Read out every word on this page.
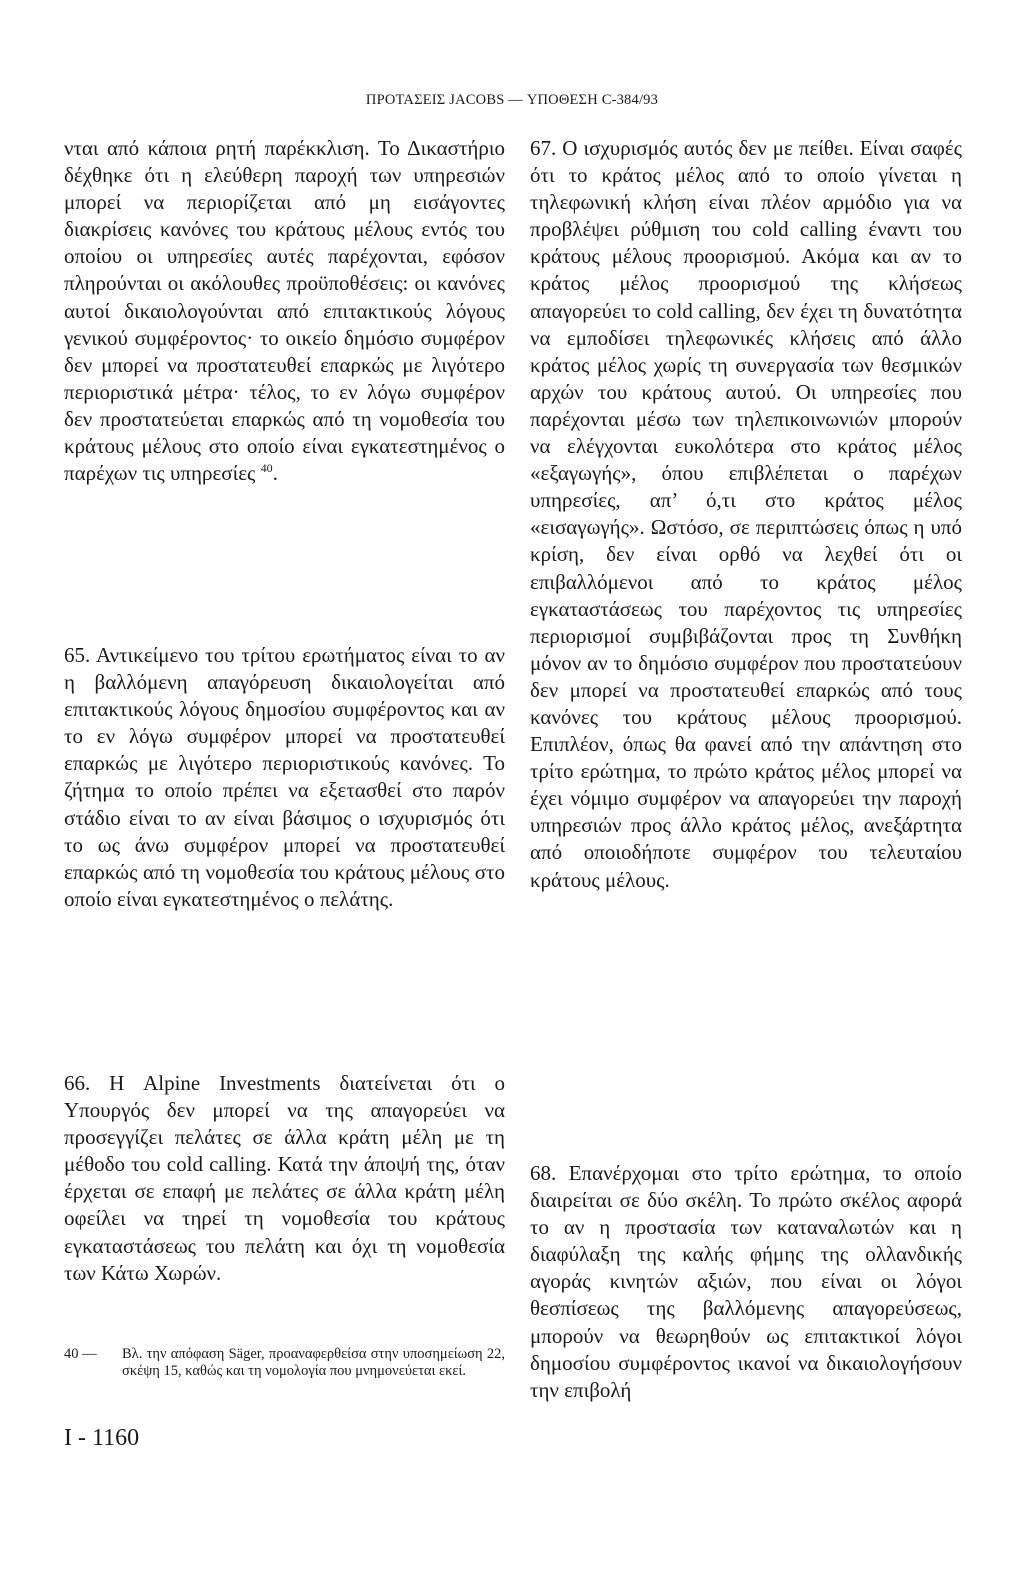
ΠΡΟΤΑΣΕΙΣ JACOBS — ΥΠΟΘΕΣΗ C-384/93

νται από κάποια ρητή παρέκκλιση. Το Δικαστήριο δέχθηκε ότι η ελεύθερη παροχή των υπηρεσιών μπορεί να περιορίζεται από μη εισάγοντες διακρίσεις κανόνες του κράτους μέλους εντός του οποίου οι υπηρεσίες αυτές παρέχονται, εφόσον πληρούνται οι ακόλουθες προϋποθέσεις: οι κανόνες αυτοί δικαιολογούνται από επιτακτικούς λόγους γενικού συμφέροντος· το οικείο δημόσιο συμφέρον δεν μπορεί να προστατευθεί επαρκώς με λιγότερο περιοριστικά μέτρα· τέλος, το εν λόγω συμφέρον δεν προστατεύεται επαρκώς από τη νομοθεσία του κράτους μέλους στο οποίο είναι εγκατεστημένος ο παρέχων τις υπηρεσίες $^{40}$.

65. Αντικείμενο του τρίτου ερωτήματος είναι το αν η βαλλόμενη απαγόρευση δικαιολογείται από επιτακτικούς λόγους δημοσίου συμφέροντος και αν το εν λόγω συμφέρον μπορεί να προστατευθεί επαρκώς με λιγότερο περιοριστικούς κανόνες. Το ζήτημα το οποίο πρέπει να εξετασθεί στο παρόν στάδιο είναι το αν είναι βάσιμος ο ισχυρισμός ότι το ως άνω συμφέρον μπορεί να προστατευθεί επαρκώς από τη νομοθεσία του κράτους μέλους στο οποίο είναι εγκατεστημένος ο πελάτης.

66. Η Alpine Investments διατείνεται ότι ο Υπουργός δεν μπορεί να της απαγορεύει να προσεγγίζει πελάτες σε άλλα κράτη μέλη με τη μέθοδο του cold calling. Κατά την άποψή της, όταν έρχεται σε επαφή με πελάτες σε άλλα κράτη μέλη οφείλει να τηρεί τη νομοθεσία του κράτους εγκαταστάσεως του πελάτη και όχι τη νομοθεσία των Κάτω Χωρών.

40 — Βλ. την απόφαση Säger, προαναφερθείσα στην υποσημείωση 22, σκέψη 15, καθώς και τη νομολογία που μνημονεύεται εκεί.

67. Ο ισχυρισμός αυτός δεν με πείθει. Είναι σαφές ότι το κράτος μέλος από το οποίο γίνεται η τηλεφωνική κλήση είναι πλέον αρμόδιο για να προβλέψει ρύθμιση του cold calling έναντι του κράτους μέλους προορισμού. Ακόμα και αν το κράτος μέλος προορισμού της κλήσεως απαγορεύει το cold calling, δεν έχει τη δυνατότητα να εμποδίσει τηλεφωνικές κλήσεις από άλλο κράτος μέλος χωρίς τη συνεργασία των θεσμικών αρχών του κράτους αυτού. Οι υπηρεσίες που παρέχονται μέσω των τηλεπικοινωνιών μπορούν να ελέγχονται ευκολότερα στο κράτος μέλος «εξαγωγής», όπου επιβλέπεται ο παρέχων υπηρεσίες, απ’ ό,τι στο κράτος μέλος «εισαγωγής». Ωστόσο, σε περιπτώσεις όπως η υπό κρίση, δεν είναι ορθό να λεχθεί ότι οι επιβαλλόμενοι από το κράτος μέλος εγκαταστάσεως του παρέχοντος τις υπηρεσίες περιορισμοί συμβιβάζονται προς τη Συνθήκη μόνον αν το δημόσιο συμφέρον που προστατεύουν δεν μπορεί να προστατευθεί επαρκώς από τους κανόνες του κράτους μέλους προορισμού. Επιπλέον, όπως θα φανεί από την απάντηση στο τρίτο ερώτημα, το πρώτο κράτος μέλος μπορεί να έχει νόμιμο συμφέρον να απαγορεύει την παροχή υπηρεσιών προς άλλο κράτος μέλος, ανεξάρτητα από οποιοδήποτε συμφέρον του τελευταίου κράτους μέλους.

68. Επανέρχομαι στο τρίτο ερώτημα, το οποίο διαιρείται σε δύο σκέλη. Το πρώτο σκέλος αφορά το αν η προστασία των καταναλωτών και η διαφύλαξη της καλής φήμης της ολλανδικής αγοράς κινητών αξιών, που είναι οι λόγοι θεσπίσεως της βαλλόμενης απαγορεύσεως, μπορούν να θεωρηθούν ως επιτακτικοί λόγοι δημοσίου συμφέροντος ικανοί να δικαιολογήσουν την επιβολή

I - 1160
